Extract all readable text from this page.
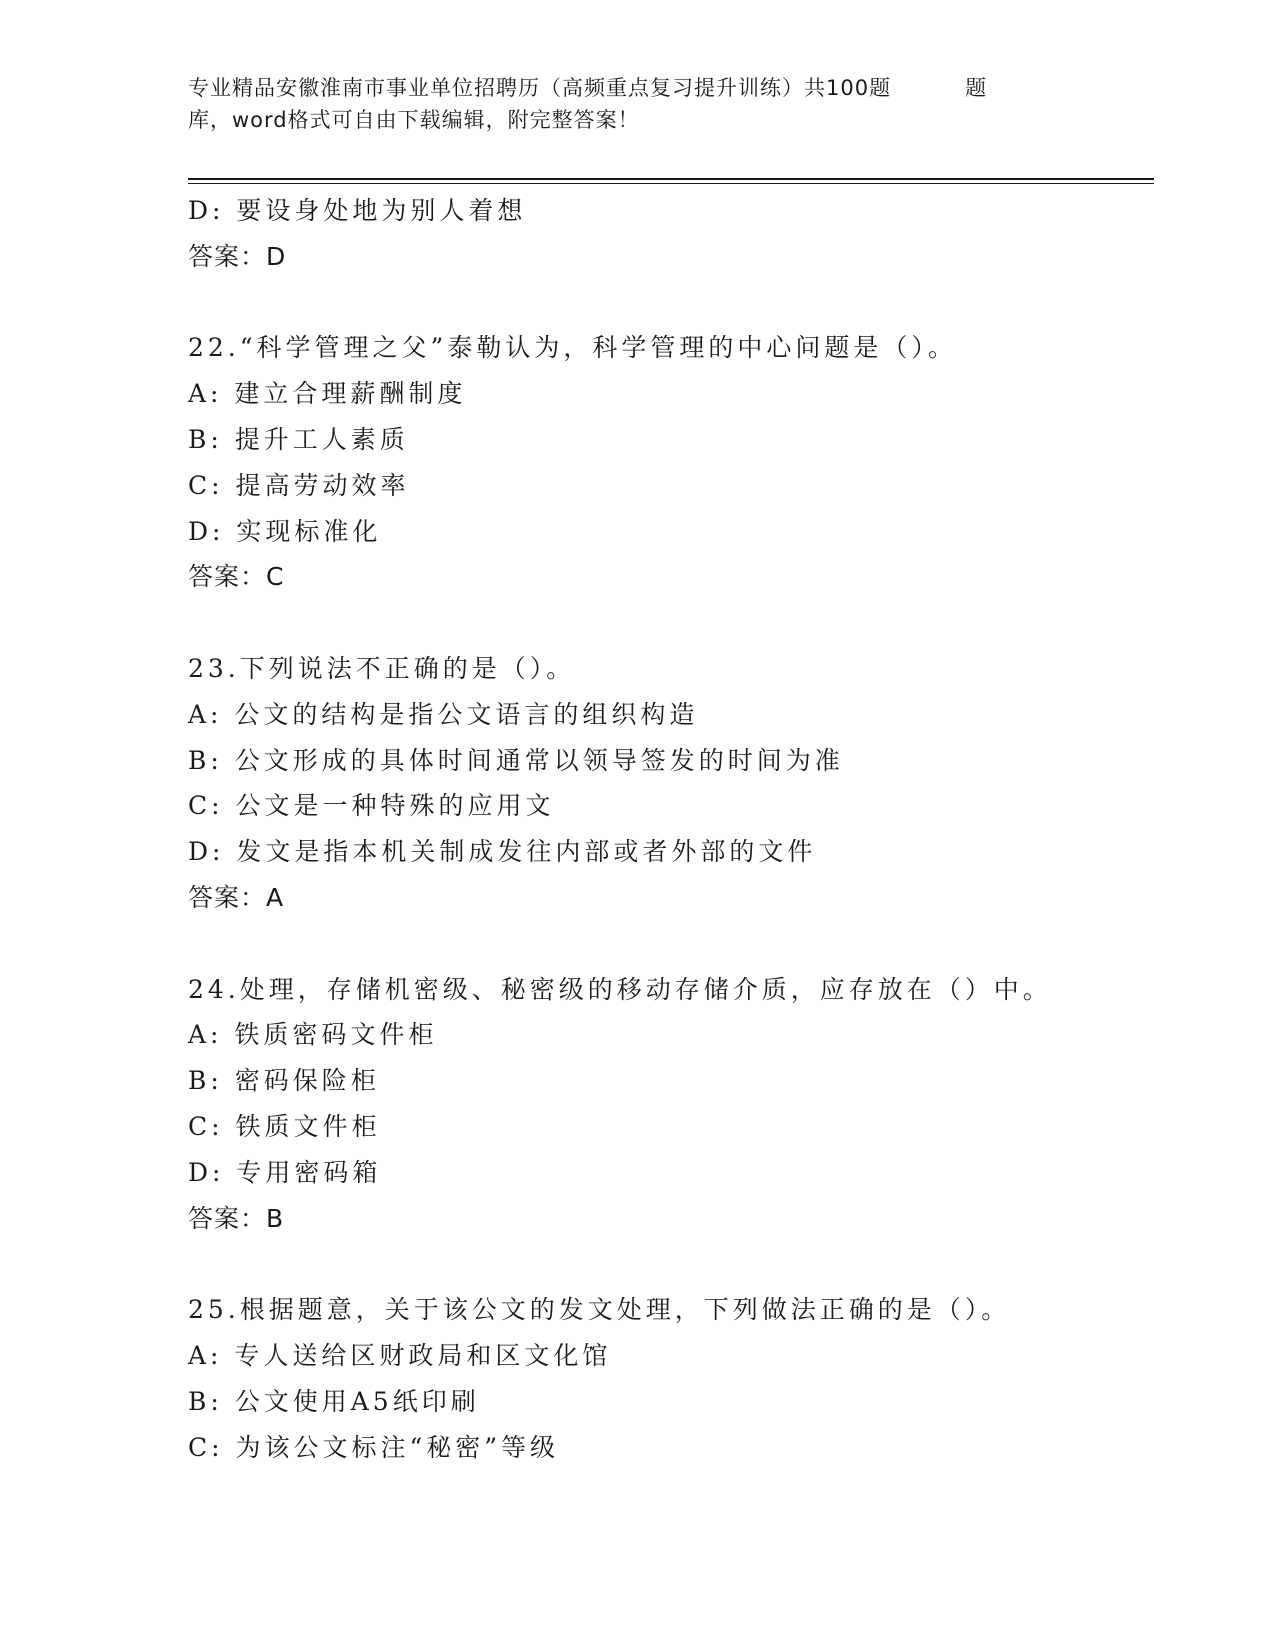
专业精品安徽淮南市事业单位招聘历（高频重点复习提升训练）共100题	题
库，word格式可自由下载编辑，附完整答案！
D: 要设身处地为别人着想
答案：D
22.“科学管理之父”泰勒认为，科学管理的中心问题是（）。
A: 建立合理薪酬制度
B: 提升工人素质
C: 提高劳动效率
D: 实现标准化
答案：C
23.下列说法不正确的是（）。
A: 公文的结构是指公文语言的组织构造
B: 公文形成的具体时间通常以领导签发的时间为准
C: 公文是一种特殊的应用文
D: 发文是指本机关制成发往内部或者外部的文件
答案：A
24.处理，存储机密级、秘密级的移动存储介质，应存放在（）中。
A: 铁质密码文件柜
B: 密码保险柜
C: 铁质文件柜
D: 专用密码箱
答案：B
25.根据题意，关于该公文的发文处理，下列做法正确的是（）。
A: 专人送给区财政局和区文化馆
B: 公文使用A5纸印刷
C: 为该公文标注“秘密”等级
